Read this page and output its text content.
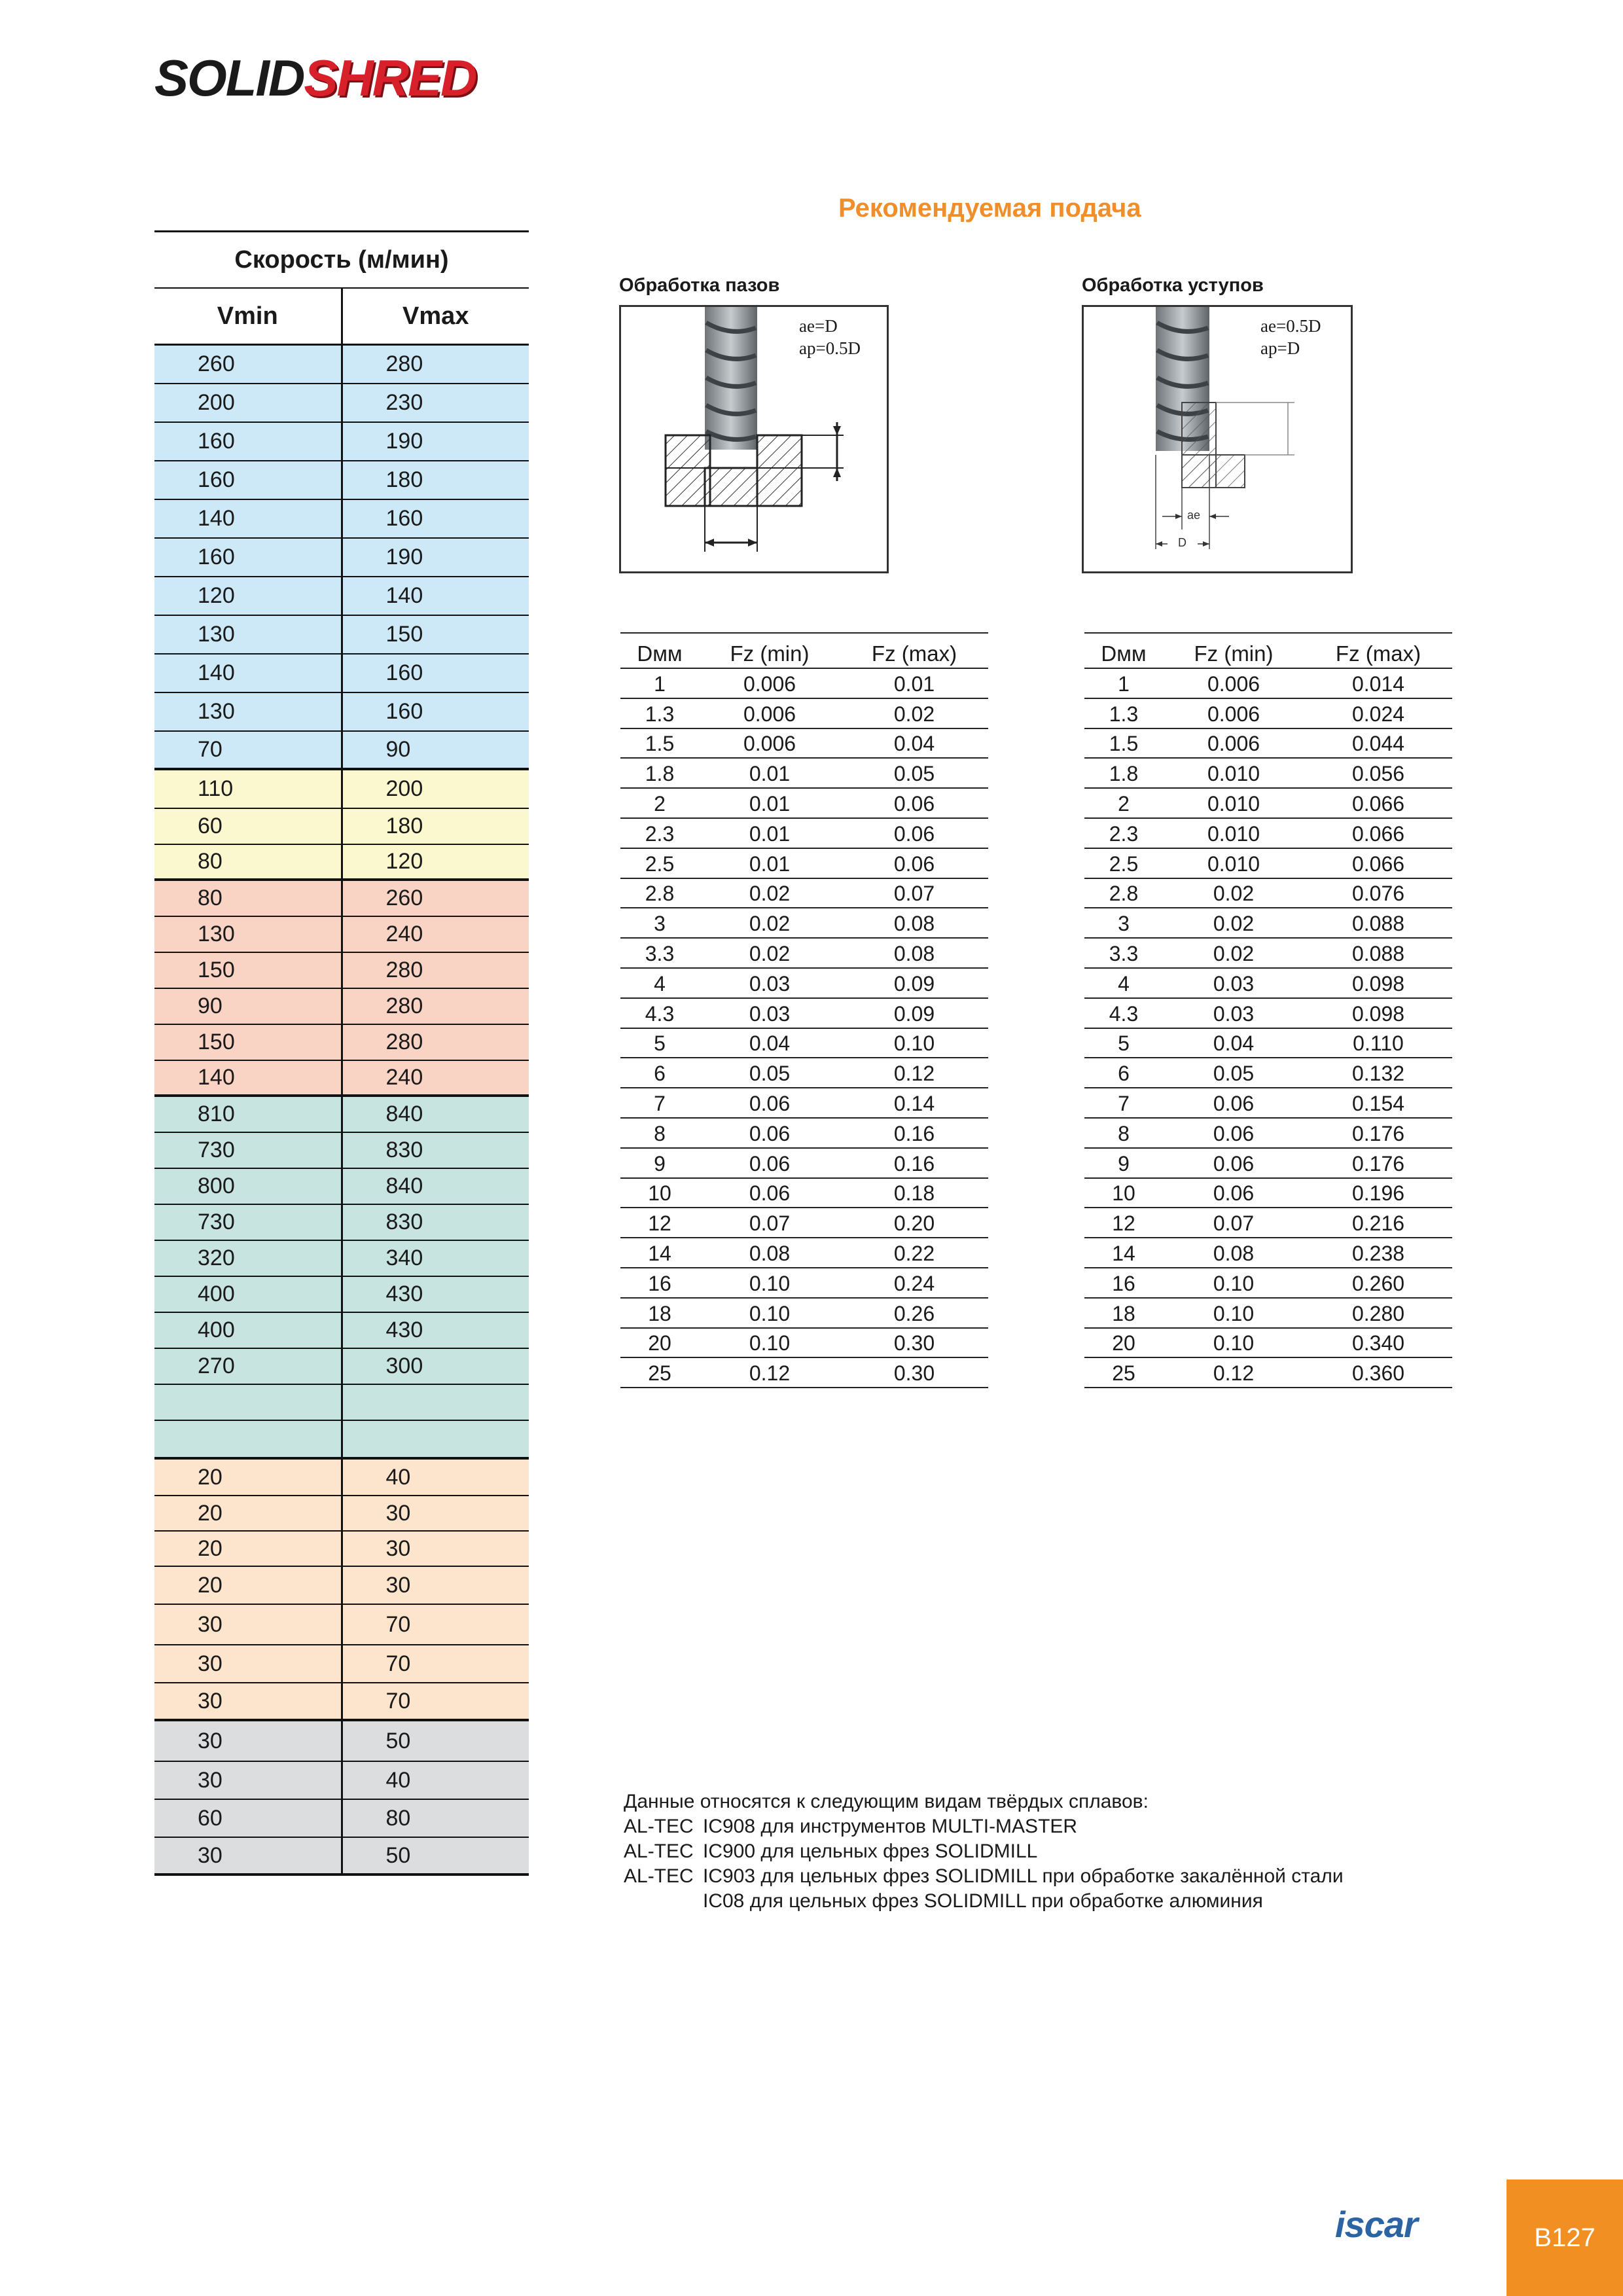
SOLIDSHRED
Скорость (м/мин)
Vmin	Vmax
260	280
200	230
160	190
160	180
140	160
160	190
120	140
130	150
140	160
130	160
70	90
110	200
60	180
80	120
80	260
130	240
150	280
90	280
150	280
140	240
810	840
730	830
800	840
730	830
320	340
400	430
400	430
270	300
20	40
20	30
20	30
20	30
30	70
30	70
30	70
30	50
30	40
60	80
30	50
Рекомендуемая подача
Обработка пазов
ae=D
ap=0.5D
Обработка уступов
ae
D
ae=0.5D
ap=D
Dмм	Fz (min)	Fz (max)
1	0.006	0.01
1.3	0.006	0.02
1.5	0.006	0.04
1.8	0.01	0.05
2	0.01	0.06
2.3	0.01	0.06
2.5	0.01	0.06
2.8	0.02	0.07
3	0.02	0.08
3.3	0.02	0.08
4	0.03	0.09
4.3	0.03	0.09
5	0.04	0.10
6	0.05	0.12
7	0.06	0.14
8	0.06	0.16
9	0.06	0.16
10	0.06	0.18
12	0.07	0.20
14	0.08	0.22
16	0.10	0.24
18	0.10	0.26
20	0.10	0.30
25	0.12	0.30
Dмм	Fz (min)	Fz (max)
1	0.006	0.014
1.3	0.006	0.024
1.5	0.006	0.044
1.8	0.010	0.056
2	0.010	0.066
2.3	0.010	0.066
2.5	0.010	0.066
2.8	0.02	0.076
3	0.02	0.088
3.3	0.02	0.088
4	0.03	0.098
4.3	0.03	0.098
5	0.04	0.110
6	0.05	0.132
7	0.06	0.154
8	0.06	0.176
9	0.06	0.176
10	0.06	0.196
12	0.07	0.216
14	0.08	0.238
16	0.10	0.260
18	0.10	0.280
20	0.10	0.340
25	0.12	0.360
Данные относятся к следующим видам твёрдых сплавов:
AL-TEC IC908 для инструментов MULTI-MASTER
AL-TEC IC900 для цельных фрез SOLIDMILL
AL-TEC IC903 для цельных фрез SOLIDMILL при обработке закалённой стали
IC08 для цельных фрез SOLIDMILL при обработке алюминия
iscar	B127
